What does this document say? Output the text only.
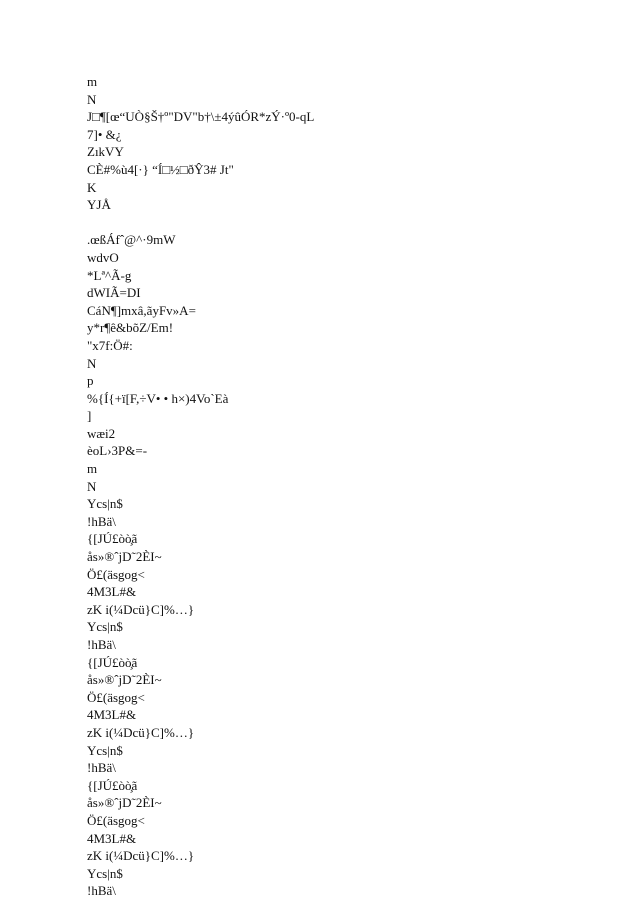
m
N
J□¶[œ“UÒ§Š†º"DV"b†\±4ýûÓR*zÝ·º0-qL
7]• &¿
ZıkVY
CÈ#%ù4[·} “Í□½□ðŶ3# Jt"
K
YJÅ
.œßÁfˆ@^·9mW
wdvO
*Lª^Ã-g
dWIÃ=DI
CáN¶]mxâ,ãyFv»A=
y*r¶ê&bõZ/Em!
"x7f:Ö#:
N
p
%{Í{+ï[F,÷V• • h×)4Vo`Eà
]
wæi2
èoL›3P&=-
m
N
Ycs|n$
!hBä\
{[JÚ£òò̧ã
ås»®ˆjD˜2ÈI~
Ö£(äsgog<
4M3L#&
zK i(¼Dcü}C]%…}
Ycs|n$
!hBä\
{[JÚ£òò̧ã
ås»®ˆjD˜2ÈI~
Ö£(äsgog<
4M3L#&
zK i(¼Dcü}C]%…}
Ycs|n$
!hBä\
{[JÚ£òò̧ã
ås»®ˆjD˜2ÈI~
Ö£(äsgog<
4M3L#&
zK i(¼Dcü}C]%…}
Ycs|n$
!hBä\
